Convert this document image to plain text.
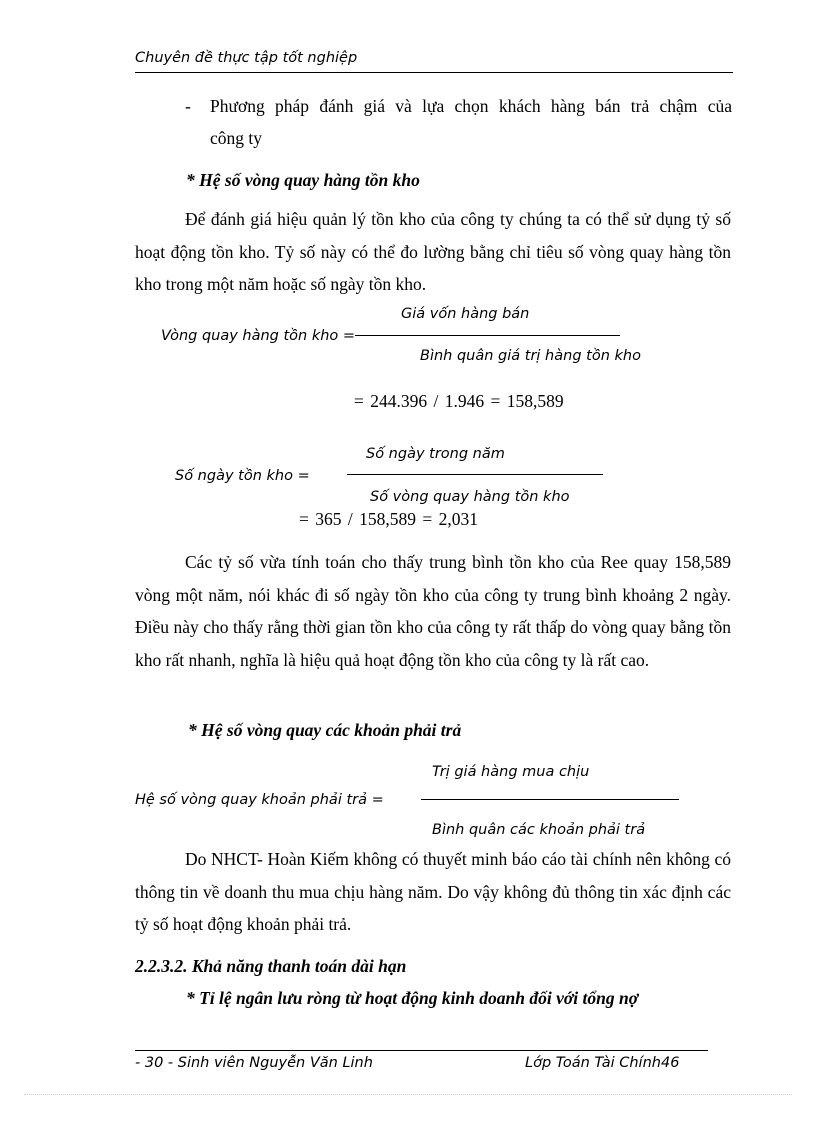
Chuyên đề thực tập tốt nghiệp
- Phương pháp đánh giá và lựa chọn khách hàng bán trả chậm của
công ty
* Hệ số vòng quay hàng tồn kho
Để đánh giá hiệu quản lý tồn kho của công ty chúng ta có thể sử dụng tỷ số hoạt động tồn kho. Tỷ số này có thể đo lường bằng chỉ tiêu số vòng quay hàng tồn kho trong một năm hoặc số ngày tồn kho.
Giá vốn hàng bán
Vòng quay hàng tồn kho =
Bình quân giá trị hàng tồn kho
= 244.396 / 1.946 = 158,589
Số ngày trong năm
Số ngày tồn kho =
Số vòng quay hàng tồn kho
= 365 / 158,589 = 2,031
Các tỷ số vừa tính toán cho thấy trung bình tồn kho của Ree quay 158,589 vòng một năm, nói khác đi số ngày tồn kho của công ty trung bình khoảng 2 ngày. Điều này cho thấy rằng thời gian tồn kho của công ty rất thấp do vòng quay bằng tồn kho rất nhanh, nghĩa là hiệu quả hoạt động tồn kho của công ty là rất cao.
* Hệ số vòng quay các khoản phải trả
Trị giá hàng mua chịu
Hệ số vòng quay khoản phải trả =
Bình quân các khoản phải trả
Do NHCT- Hoàn Kiếm không có thuyết minh báo cáo tài chính nên không có thông tin về doanh thu mua chịu hàng năm. Do vậy không đủ thông tin xác định các tỷ số hoạt động khoản phải trả.
2.2.3.2. Khả năng thanh toán dài hạn
* Tỉ lệ ngân lưu ròng từ hoạt động kinh doanh đối với tổng nợ
- 30 - Sinh viên Nguyễn Văn Linh	Lớp Toán Tài Chính46
